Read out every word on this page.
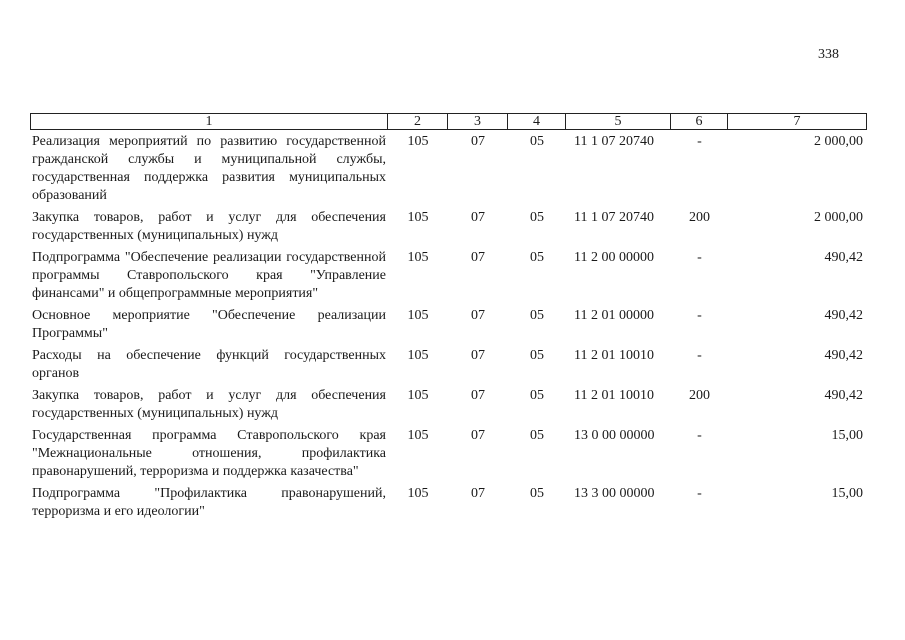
338
1	2	3	4	5	6	7
Реализация мероприятий по развитию государственной гражданской службы и муниципальной службы, государственная поддержка развития муниципальных образований
105	07	05	11 1 07 20740	-	2 000,00
Закупка товаров, работ и услуг для обеспечения государственных (муниципальных) нужд
105	07	05	11 1 07 20740	200	2 000,00
Подпрограмма "Обеспечение реализации государственной программы Ставропольского края "Управление финансами" и общепрограммные мероприятия"
105	07	05	11 2 00 00000	-	490,42
Основное мероприятие "Обеспечение реализации Программы"
105	07	05	11 2 01 00000	-	490,42
Расходы на обеспечение функций государственных органов
105	07	05	11 2 01 10010	-	490,42
Закупка товаров, работ и услуг для обеспечения государственных (муниципальных) нужд
105	07	05	11 2 01 10010	200	490,42
Государственная программа Ставропольского края "Межнациональные отношения, профилактика правонарушений, терроризма и поддержка казачества"
105	07	05	13 0 00 00000	-	15,00
Подпрограмма "Профилактика правонарушений, терроризма и его идеологии"
105	07	05	13 3 00 00000	-	15,00
